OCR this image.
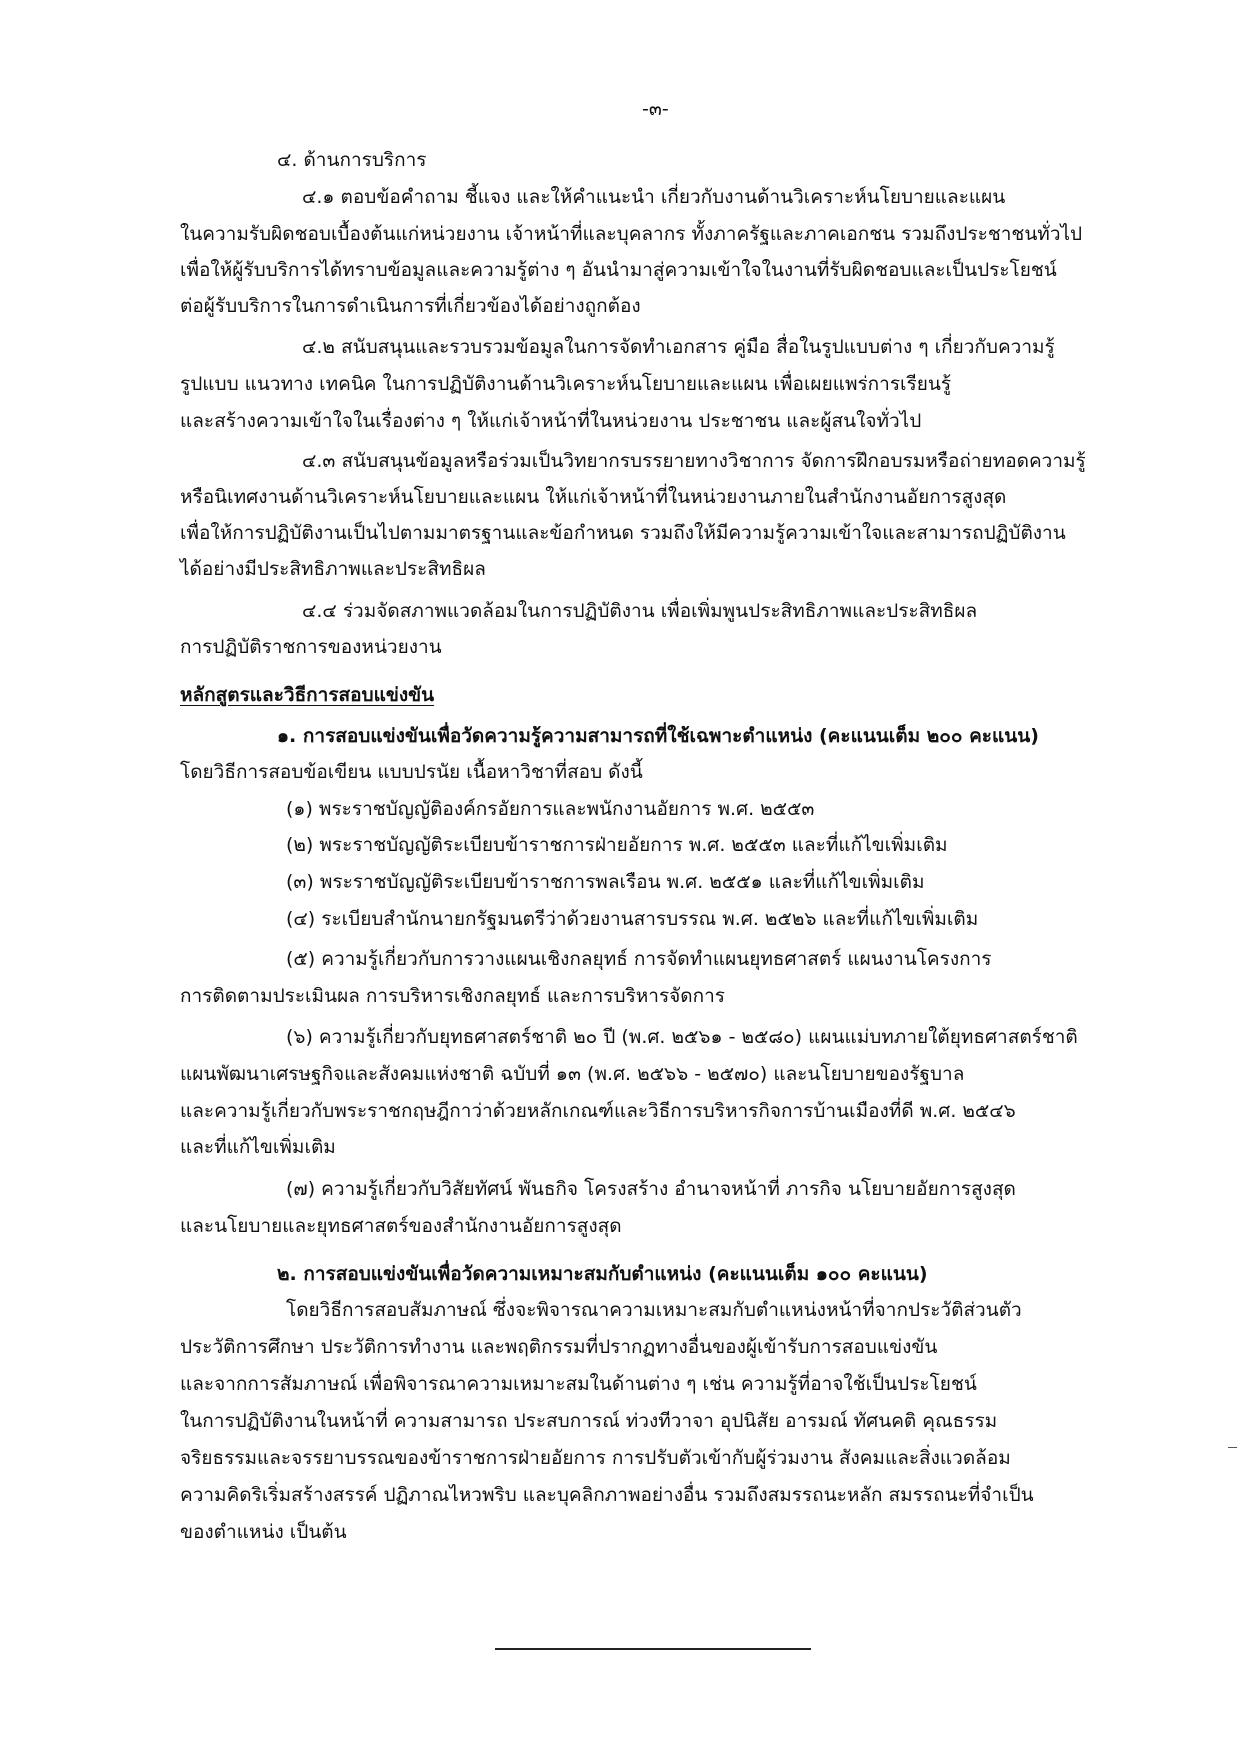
-๓-
๔. ด้านการบริการ
๔.๑ ตอบข้อคำถาม ชี้แจง และให้คำแนะนำ เกี่ยวกับงานด้านวิเคราะห์นโยบายและแผน
ในความรับผิดชอบเบื้องต้นแก่หน่วยงาน เจ้าหน้าที่และบุคลากร ทั้งภาครัฐและภาคเอกชน รวมถึงประชาชนทั่วไป
เพื่อให้ผู้รับบริการได้ทราบข้อมูลและความรู้ต่าง ๆ อันนำมาสู่ความเข้าใจในงานที่รับผิดชอบและเป็นประโยชน์
ต่อผู้รับบริการในการดำเนินการที่เกี่ยวข้องได้อย่างถูกต้อง
๔.๒ สนับสนุนและรวบรวมข้อมูลในการจัดทำเอกสาร คู่มือ สื่อในรูปแบบต่าง ๆ เกี่ยวกับความรู้
รูปแบบ แนวทาง เทคนิค ในการปฏิบัติงานด้านวิเคราะห์นโยบายและแผน เพื่อเผยแพร่การเรียนรู้
และสร้างความเข้าใจในเรื่องต่าง ๆ ให้แก่เจ้าหน้าที่ในหน่วยงาน ประชาชน และผู้สนใจทั่วไป
๔.๓ สนับสนุนข้อมูลหรือร่วมเป็นวิทยากรบรรยายทางวิชาการ จัดการฝึกอบรมหรือถ่ายทอดความรู้
หรือนิเทศงานด้านวิเคราะห์นโยบายและแผน ให้แก่เจ้าหน้าที่ในหน่วยงานภายในสำนักงานอัยการสูงสุด
เพื่อให้การปฏิบัติงานเป็นไปตามมาตรฐานและข้อกำหนด รวมถึงให้มีความรู้ความเข้าใจและสามารถปฏิบัติงาน
ได้อย่างมีประสิทธิภาพและประสิทธิผล
๔.๔ ร่วมจัดสภาพแวดล้อมในการปฏิบัติงาน เพื่อเพิ่มพูนประสิทธิภาพและประสิทธิผล
การปฏิบัติราชการของหน่วยงาน
หลักสูตรและวิธีการสอบแข่งขัน
๑. การสอบแข่งขันเพื่อวัดความรู้ความสามารถที่ใช้เฉพาะตำแหน่ง (คะแนนเต็ม ๒๐๐ คะแนน)
โดยวิธีการสอบข้อเขียน แบบปรนัย เนื้อหาวิชาที่สอบ ดังนี้
(๑) พระราชบัญญัติองค์กรอัยการและพนักงานอัยการ พ.ศ. ๒๕๕๓
(๒) พระราชบัญญัติระเบียบข้าราชการฝ่ายอัยการ พ.ศ. ๒๕๕๓ และที่แก้ไขเพิ่มเติม
(๓) พระราชบัญญัติระเบียบข้าราชการพลเรือน พ.ศ. ๒๕๕๑ และที่แก้ไขเพิ่มเติม
(๔) ระเบียบสำนักนายกรัฐมนตรีว่าด้วยงานสารบรรณ พ.ศ. ๒๕๒๖ และที่แก้ไขเพิ่มเติม
(๕) ความรู้เกี่ยวกับการวางแผนเชิงกลยุทธ์ การจัดทำแผนยุทธศาสตร์ แผนงานโครงการ
การติดตามประเมินผล การบริหารเชิงกลยุทธ์ และการบริหารจัดการ
(๖) ความรู้เกี่ยวกับยุทธศาสตร์ชาติ ๒๐ ปี (พ.ศ. ๒๕๖๑ - ๒๕๘๐) แผนแม่บทภายใต้ยุทธศาสตร์ชาติ
แผนพัฒนาเศรษฐกิจและสังคมแห่งชาติ ฉบับที่ ๑๓ (พ.ศ. ๒๕๖๖ - ๒๕๗๐) และนโยบายของรัฐบาล
และความรู้เกี่ยวกับพระราชกฤษฎีกาว่าด้วยหลักเกณฑ์และวิธีการบริหารกิจการบ้านเมืองที่ดี พ.ศ. ๒๕๔๖
และที่แก้ไขเพิ่มเติม
(๗) ความรู้เกี่ยวกับวิสัยทัศน์ พันธกิจ โครงสร้าง อำนาจหน้าที่ ภารกิจ นโยบายอัยการสูงสุด
และนโยบายและยุทธศาสตร์ของสำนักงานอัยการสูงสุด
๒. การสอบแข่งขันเพื่อวัดความเหมาะสมกับตำแหน่ง (คะแนนเต็ม ๑๐๐ คะแนน)
โดยวิธีการสอบสัมภาษณ์ ซึ่งจะพิจารณาความเหมาะสมกับตำแหน่งหน้าที่จากประวัติส่วนตัว
ประวัติการศึกษา ประวัติการทำงาน และพฤติกรรมที่ปรากฏทางอื่นของผู้เข้ารับการสอบแข่งขัน
และจากการสัมภาษณ์ เพื่อพิจารณาความเหมาะสมในด้านต่าง ๆ เช่น ความรู้ที่อาจใช้เป็นประโยชน์
ในการปฏิบัติงานในหน้าที่ ความสามารถ ประสบการณ์ ท่วงทีวาจา อุปนิสัย อารมณ์ ทัศนคติ คุณธรรม
จริยธรรมและจรรยาบรรณของข้าราชการฝ่ายอัยการ การปรับตัวเข้ากับผู้ร่วมงาน สังคมและสิ่งแวดล้อม
ความคิดริเริ่มสร้างสรรค์ ปฏิภาณไหวพริบ และบุคลิกภาพอย่างอื่น รวมถึงสมรรถนะหลัก สมรรถนะที่จำเป็น
ของตำแหน่ง เป็นต้น
